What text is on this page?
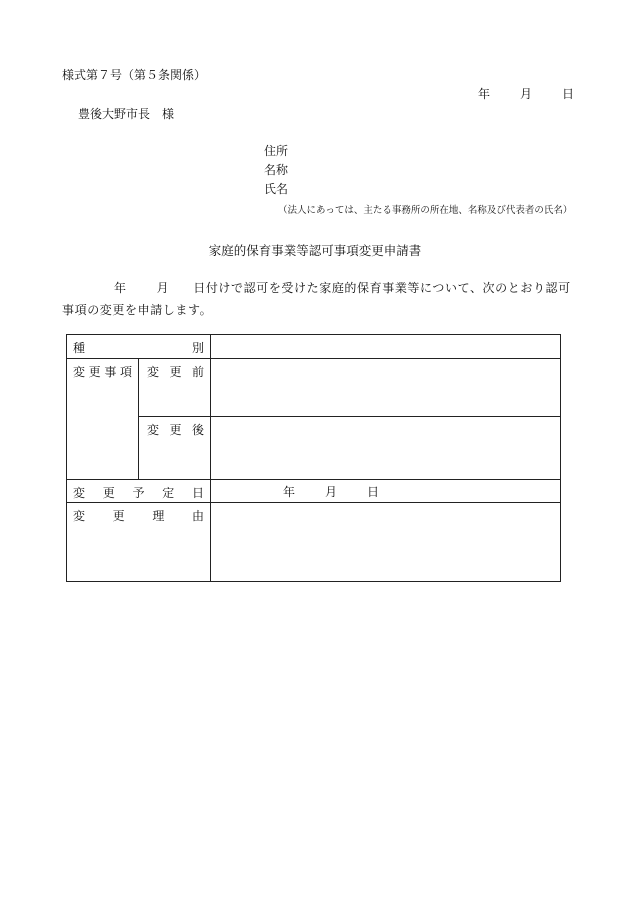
様式第７号（第５条関係）
年	月	日
豊後大野市長　様
住所
名称
氏名
（法人にあっては、主たる事務所の所在地、名称及び代表者の氏名）
家庭的保育事業等認可事項変更申請書
年	月 日付けで認可を受けた家庭的保育事業等について、次のとおり認可
事項の変更を申請します。
種 別		

変 更 事 項	変 更 前	

	変 更 後	

変 更 予 定 日		年 月 日

変 更 理 由		
